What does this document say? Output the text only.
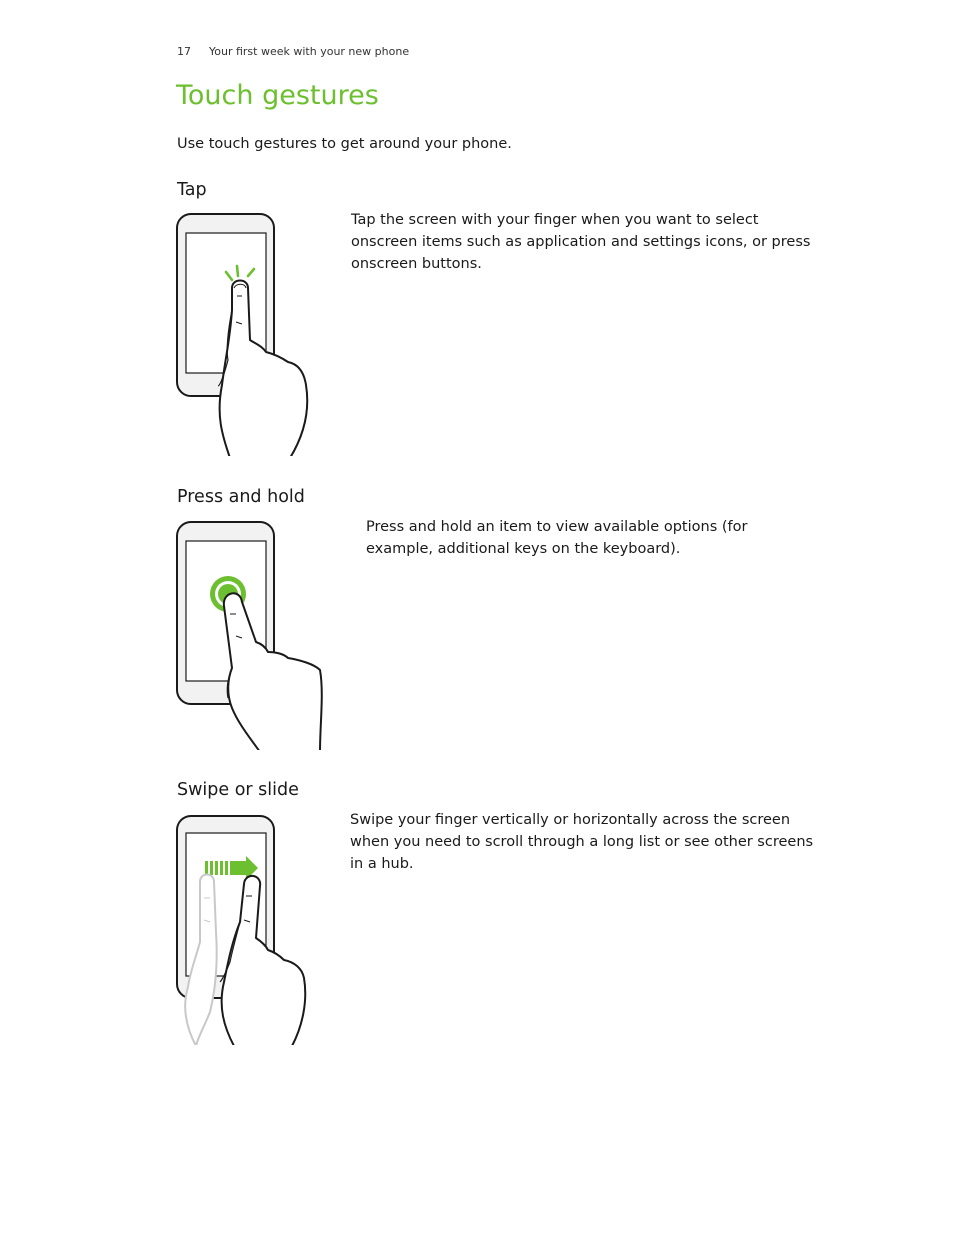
17 Your first week with your new phone
Touch gestures
Use touch gestures to get around your phone.
Tap

Tap the screen with your finger when you want to select
onscreen items such as application and settings icons, or press
onscreen buttons.

Press and hold

Press and hold an item to view available options (for
example, additional keys on the keyboard).

Swipe or slide

Swipe your finger vertically or horizontally across the screen
when you need to scroll through a long list or see other screens
in a hub.
